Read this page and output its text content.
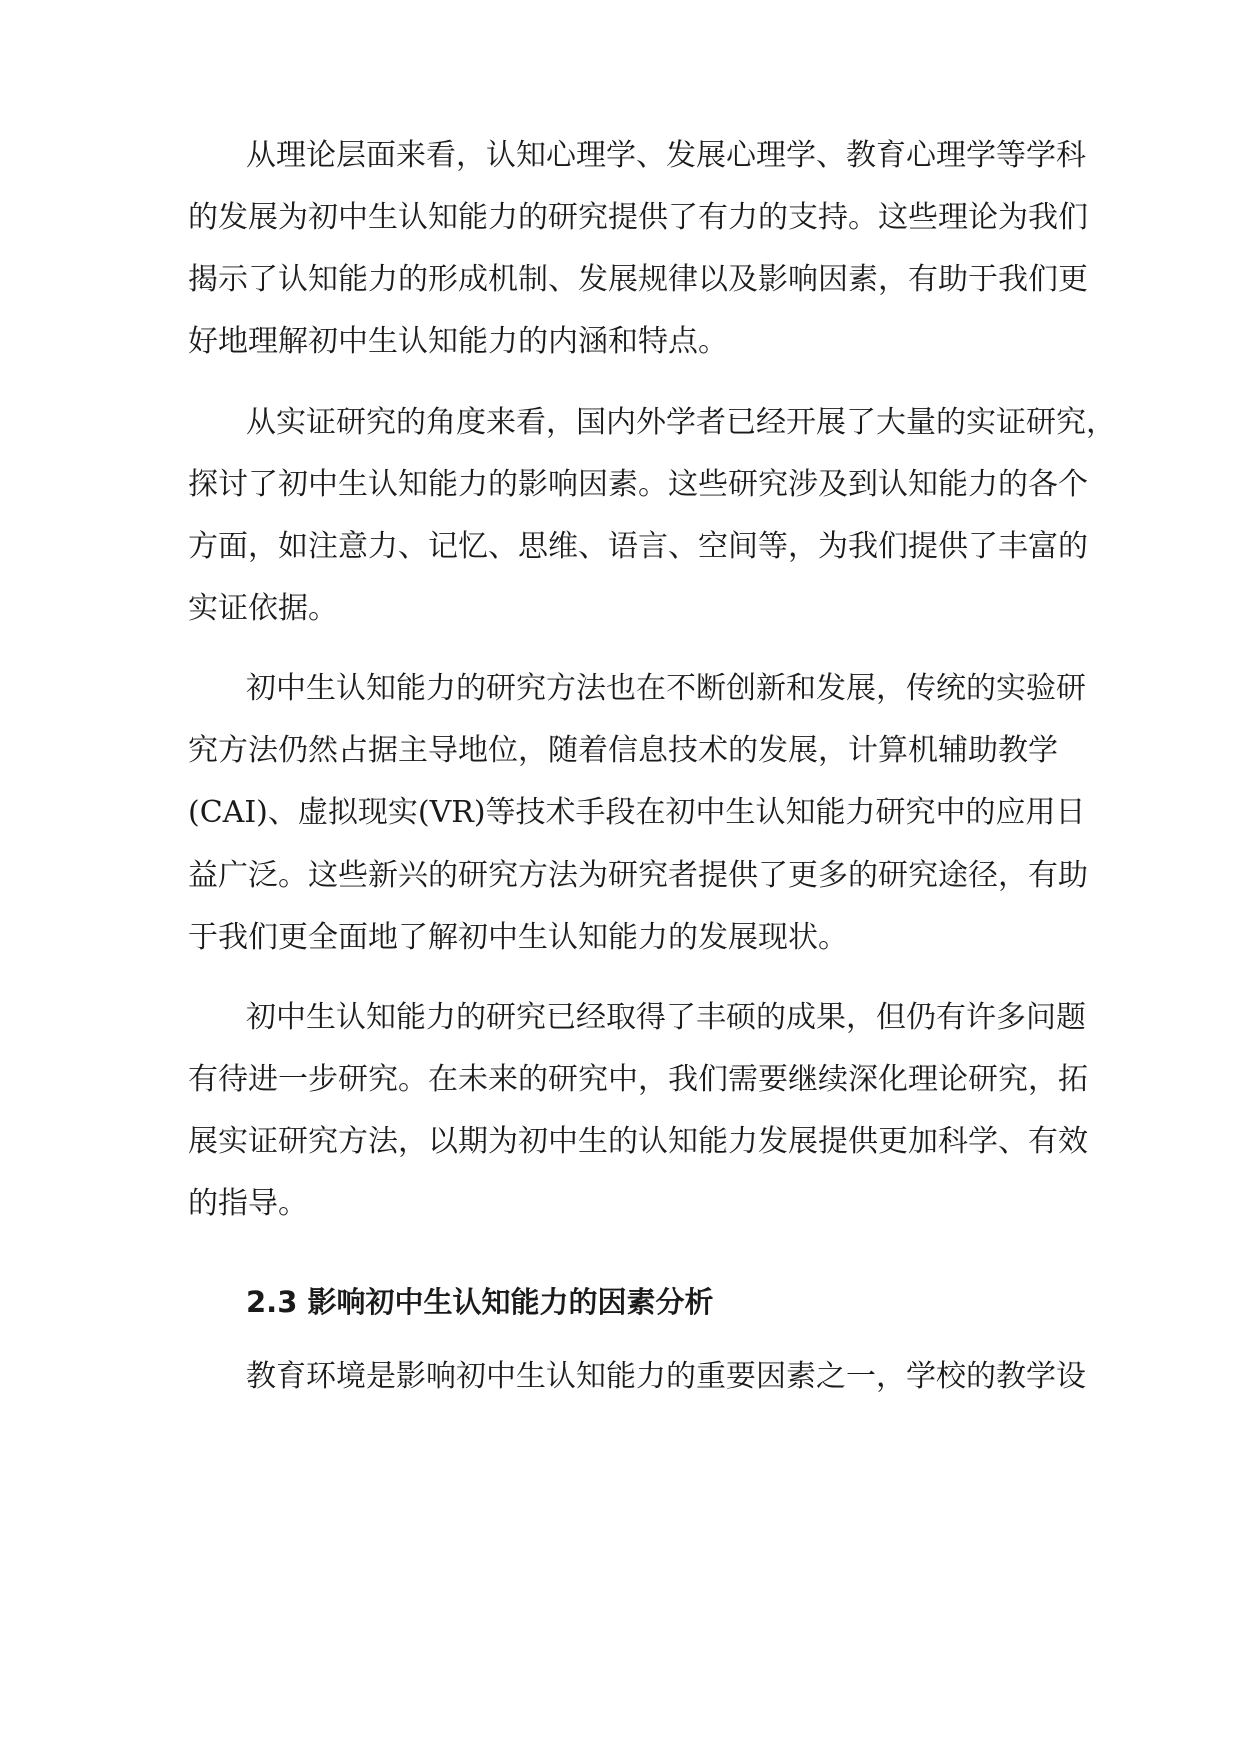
从理论层面来看，认知心理学、发展心理学、教育心理学等学科
的发展为初中生认知能力的研究提供了有力的支持。这些理论为我们
揭示了认知能力的形成机制、发展规律以及影响因素，有助于我们更
好地理解初中生认知能力的内涵和特点。
从实证研究的角度来看，国内外学者已经开展了大量的实证研究，
探讨了初中生认知能力的影响因素。这些研究涉及到认知能力的各个
方面，如注意力、记忆、思维、语言、空间等，为我们提供了丰富的
实证依据。
初中生认知能力的研究方法也在不断创新和发展，传统的实验研
究方法仍然占据主导地位，随着信息技术的发展，计算机辅助教学
(CAI)、虚拟现实(VR)等技术手段在初中生认知能力研究中的应用日
益广泛。这些新兴的研究方法为研究者提供了更多的研究途径，有助
于我们更全面地了解初中生认知能力的发展现状。
初中生认知能力的研究已经取得了丰硕的成果，但仍有许多问题
有待进一步研究。在未来的研究中，我们需要继续深化理论研究，拓
展实证研究方法，以期为初中生的认知能力发展提供更加科学、有效
的指导。
2.3 影响初中生认知能力的因素分析
教育环境是影响初中生认知能力的重要因素之一，学校的教学设
